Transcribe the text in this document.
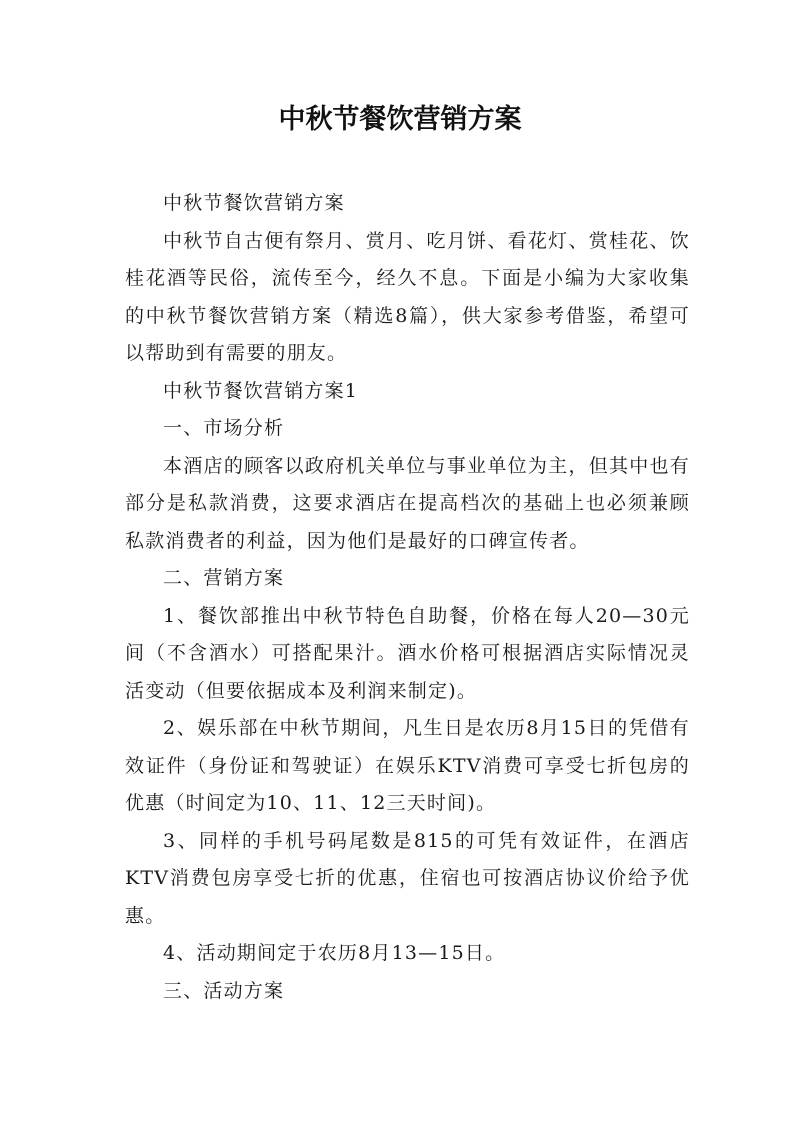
中秋节餐饮营销方案

中秋节餐饮营销方案

中秋节自古便有祭月、赏月、吃月饼、看花灯、赏桂花、饮桂花酒等民俗，流传至今，经久不息。下面是小编为大家收集的中秋节餐饮营销方案（精选8篇），供大家参考借鉴，希望可以帮助到有需要的朋友。

中秋节餐饮营销方案1

一、市场分析

本酒店的顾客以政府机关单位与事业单位为主，但其中也有部分是私款消费，这要求酒店在提高档次的基础上也必须兼顾私款消费者的利益，因为他们是最好的口碑宣传者。

二、营销方案

1、餐饮部推出中秋节特色自助餐，价格在每人20—30元间（不含酒水）可搭配果汁。酒水价格可根据酒店实际情况灵活变动（但要依据成本及利润来制定)。

2、娱乐部在中秋节期间，凡生日是农历8月15日的凭借有效证件（身份证和驾驶证）在娱乐KTV消费可享受七折包房的优惠（时间定为10、11、12三天时间)。

3、同样的手机号码尾数是815的可凭有效证件，在酒店KTV消费包房享受七折的优惠，住宿也可按酒店协议价给予优惠。

4、活动期间定于农历8月13—15日。

三、活动方案
